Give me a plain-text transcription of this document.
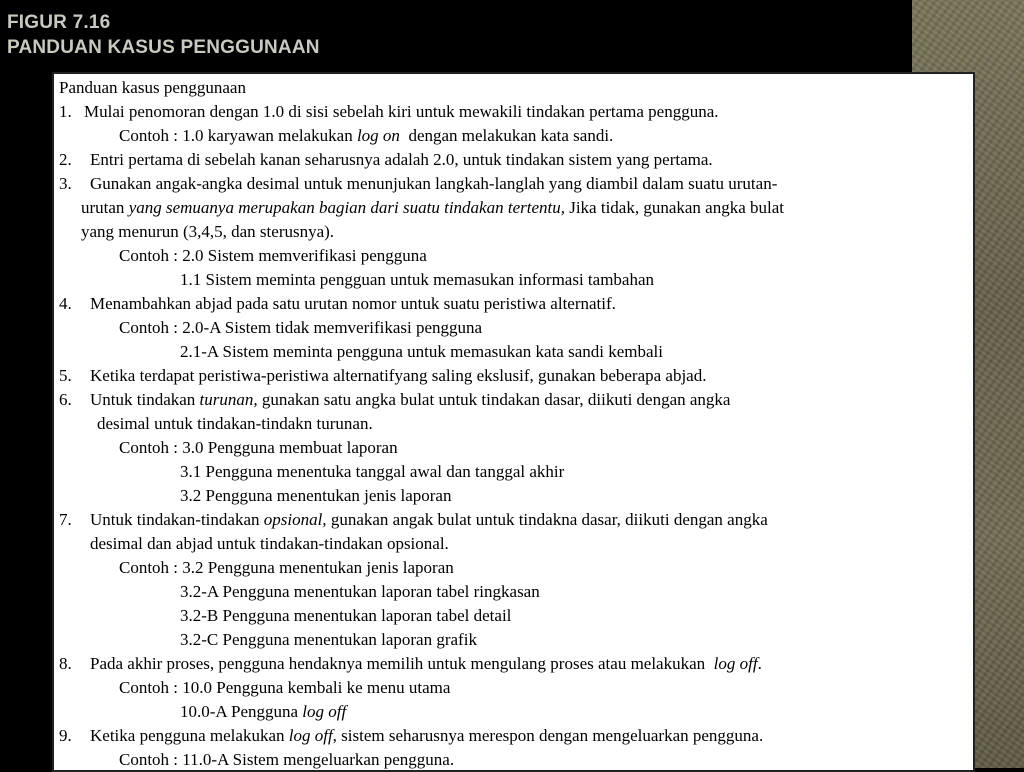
FIGUR 7.16
PANDUAN KASUS PENGGUNAAN
Panduan kasus penggunaan
1. Mulai penomoran dengan 1.0 di sisi sebelah kiri untuk mewakili tindakan pertama pengguna.
Contoh : 1.0 karyawan melakukan log on  dengan melakukan kata sandi.
2. Entri pertama di sebelah kanan seharusnya adalah 2.0, untuk tindakan sistem yang pertama.
3. Gunakan angak-angka desimal untuk menunjukan langkah-langlah yang diambil dalam suatu urutan-
urutan yang semuanya merupakan bagian dari suatu tindakan tertentu, Jika tidak, gunakan angka bulat
yang menurun (3,4,5, dan sterusnya).
Contoh : 2.0 Sistem memverifikasi pengguna
1.1 Sistem meminta pengguan untuk memasukan informasi tambahan
4. Menambahkan abjad pada satu urutan nomor untuk suatu peristiwa alternatif.
Contoh : 2.0-A Sistem tidak memverifikasi pengguna
2.1-A Sistem meminta pengguna untuk memasukan kata sandi kembali
5. Ketika terdapat peristiwa-peristiwa alternatifyang saling ekslusif, gunakan beberapa abjad.
6. Untuk tindakan turunan, gunakan satu angka bulat untuk tindakan dasar, diikuti dengan angka
desimal untuk tindakan-tindakn turunan.
Contoh : 3.0 Pengguna membuat laporan
3.1 Pengguna menentuka tanggal awal dan tanggal akhir
3.2 Pengguna menentukan jenis laporan
7. Untuk tindakan-tindakan opsional, gunakan angak bulat untuk tindakna dasar, diikuti dengan angka
desimal dan abjad untuk tindakan-tindakan opsional.
Contoh : 3.2 Pengguna menentukan jenis laporan
3.2-A Pengguna menentukan laporan tabel ringkasan
3.2-B Pengguna menentukan laporan tabel detail
3.2-C Pengguna menentukan laporan grafik
8. Pada akhir proses, pengguna hendaknya memilih untuk mengulang proses atau melakukan  log off.
Contoh : 10.0 Pengguna kembali ke menu utama
10.0-A Pengguna log off
9. Ketika pengguna melakukan log off, sistem seharusnya merespon dengan mengeluarkan pengguna.
Contoh : 11.0-A Sistem mengeluarkan pengguna.
